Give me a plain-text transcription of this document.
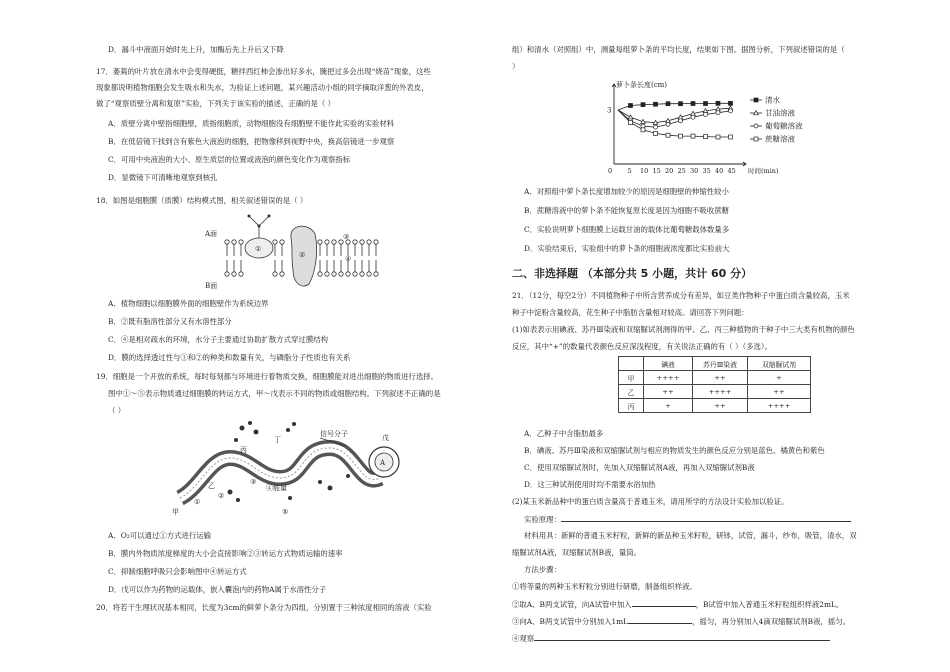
D．漏斗中液面开始时先上升，加酶后先上升后又下降
17．萎蔫的叶片放在清水中会变得硬挺，糖拌西红柿会渗出好多水，腌把过多会出现“烧苗”现象，这些
现象都说明植物细胞会发生吸水和失水，为验证上述问题，某兴趣活动小组的同学摘取洋葱的外表皮，
做了“观察质壁分离和复原”实验，下列关于该实验的描述，正确的是（ ）
A．质壁分离中壁指细胞壁，质指细胞质，动物细胞没有细胞壁不能作此实验的实验材料
B．在低倍镜下找到含有紫色大液泡的细胞，把物像移到视野中央，换高倍镜进一步观察
C．可用中央液泡的大小、原生质层的位置或液泡的颜色变化作为观察指标
D．显微镜下可清晰地观察到核孔
18．如图是细胞膜（质膜）结构模式图，相关叙述错误的是（ ）
A面
B面
①
②
③
④
A．植物细胞以细胞膜外面的细胞壁作为系统边界
B．②既有脂溶性部分又有水溶性部分
C．④是相对疏水的环境，水分子主要通过协助扩散方式穿过膜结构
D．膜的选择透过性与①和②的种类和数量有关，与磷脂分子性质也有关系
19．细胞是一个开放的系统，每时每刻都与环境进行着物质交换，细胞膜能对进出细胞的物质进行选择。
图中①～⑤表示物质通过细胞膜的转运方式，甲～戊表示不同的物质或细胞结构。下列叙述不正确的是
（ ）
甲
乙
丙
丁	戊
①
②
③
④能量
⑤
信号分子
A
A．O₂可以通过①方式进行运输
B．膜内外物质浓度梯度的大小会直接影响②③转运方式物质运输的速率
C．抑制细胞呼吸只会影响图中④转运方式
D．戊可以作为药物的运载体，嵌入囊泡内的药物A属于水溶性分子
20．将若干生理状况基本相同，长度为3cm的鲜萝卜条分为四组，分别置于三种浓度相同的溶液（实验
组）和清水（对照组）中，测量每组萝卜条的平均长度，结果如下图。据图分析，下列叙述错误的是（
）
萝卜条长度(cm)
3
0 5 10 15 20 25 30 35 40 45 时间(min)
清水
甘油溶液
葡萄糖溶液
蔗糖溶液
A．对照组中萝卜条长度增加较少的原因是细胞壁的伸缩性较小
B．蔗糖溶液中的萝卜条不能恢复原长度是因为细胞不吸收蔗糖
C．实验说明萝卜细胞膜上运载甘油的载体比葡萄糖载体数量多
D．实验结束后，实验组中的萝卜条的细胞液浓度都比实验前大
二、非选择题 （本部分共 5 小题，共计 60 分）
21．（12分，每空2分）不同植物种子中所含营养成分有差异，如豆类作物种子中蛋白质含量较高，玉米
种子中淀粉含量较高，花生种子中脂肪含量相对较高。请回答下列问题：
(1)如表表示用碘液、苏丹Ⅲ染液和双缩脲试剂测得的甲、乙、丙三种植物的干种子中三大类有机物的颜色
反应，其中“+”的数量代表颜色反应深浅程度，有关说法正确的有（ ）（多选）。
	碘液	苏丹Ⅲ染液	双缩脲试剂
甲	++++	++	+
乙	++	++++	++
丙	+	++	++++
A．乙种子中含脂肪最多
B．碘液、苏丹Ⅲ染液和双缩脲试剂与相应的物质发生的颜色反应分别是蓝色、橘黄色和紫色
C．使用双缩脲试剂时，先加入双缩脲试剂A液，再加入双缩脲试剂B液
D．这三种试剂使用时均不需要水浴加热
(2)某玉米新品种中的蛋白质含量高于普通玉米，请用所学的方法设计实验加以验证。
实验原理：
材料用具：新鲜的普通玉米籽粒，新鲜的新品种玉米籽粒，研钵，试管，漏斗，纱布，吸管，清水，双
缩脲试剂A液，双缩脲试剂B液，量筒。
方法步骤：
①将等量的两种玉米籽粒分别进行研磨，制备组织样液。
②取A、B两支试管，向A试管中加入	，B试管中加入普通玉米籽粒组织样液2mL。
③向A、B两支试管中分别加入1mL	，摇匀，再分别加入4滴双缩脲试剂B液，摇匀。
④观察
